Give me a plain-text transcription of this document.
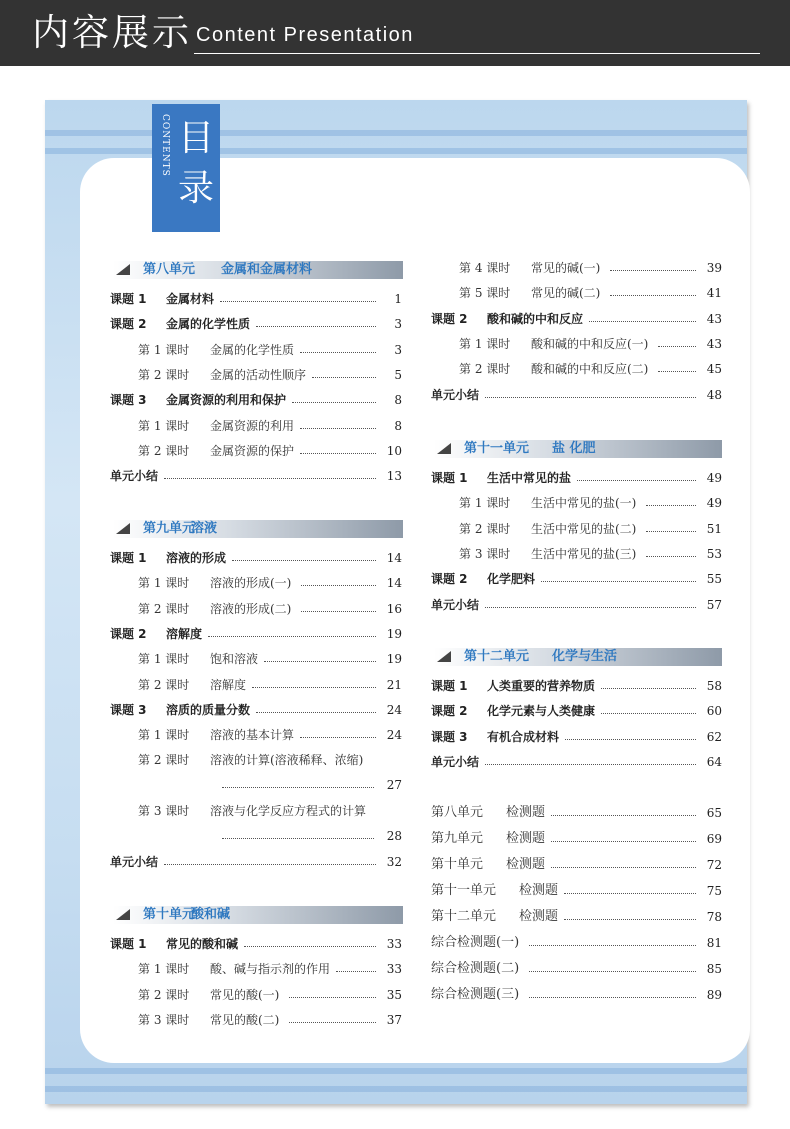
内容展示 Content Presentation
CONTENTS 目录
第八单元 金属和金属材料
课题 1 金属材料	1
课题 2 金属的化学性质	3
第 1 课时 金属的化学性质	3
第 2 课时 金属的活动性顺序	5
课题 3 金属资源的利用和保护	8
第 1 课时 金属资源的利用	8
第 2 课时 金属资源的保护	10
单元小结	13
第九单元
溶液
课题 1 溶液的形成	14
第 1 课时 溶液的形成(一)	14
第 2 课时 溶液的形成(二)	16
课题 2 溶解度	19
第 1 课时 饱和溶液	19
第 2 课时 溶解度	21
课题 3 溶质的质量分数	24
第 1 课时 溶液的基本计算	24
第 2 课时 溶液的计算(溶液稀释、浓缩)
27
第 3 课时 溶液与化学反应方程式的计算
28
单元小结	32
第十单元
酸和碱
课题 1 常见的酸和碱	33
第 1 课时 酸、碱与指示剂的作用	33
第 2 课时 常见的酸(一)	35
第 3 课时 常见的酸(二)	37
第 4 课时 常见的碱(一)	39
第 5 课时 常见的碱(二)	41
课题 2 酸和碱的中和反应	43
第 1 课时 酸和碱的中和反应(一)	43
第 2 课时 酸和碱的中和反应(二)	45
单元小结	48
第十一单元 盐 化肥
课题 1 生活中常见的盐	49
第 1 课时 生活中常见的盐(一)	49
第 2 课时 生活中常见的盐(二)	51
第 3 课时 生活中常见的盐(三)	53
课题 2 化学肥料	55
单元小结	57
第十二单元 化学与生活
课题 1 人类重要的营养物质	58
课题 2 化学元素与人类健康	60
课题 3 有机合成材料	62
单元小结	64
第八单元 检测题	65
第九单元 检测题	69
第十单元 检测题	72
第十一单元 检测题	75
第十二单元 检测题	78
综合检测题(一)	81
综合检测题(二)	85
综合检测题(三)	89
